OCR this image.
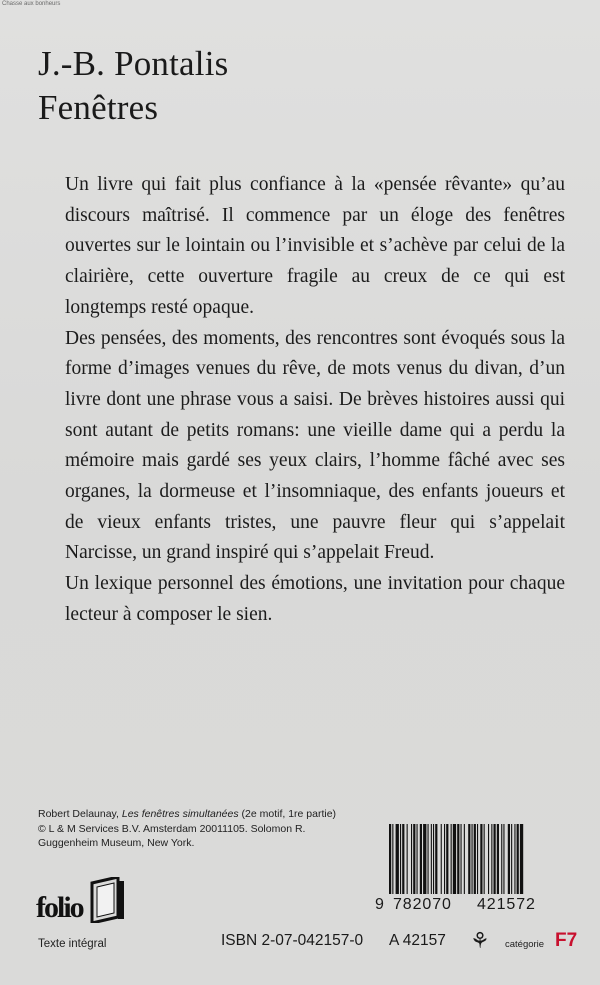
Chasse aux bonheurs
J.-B. Pontalis
Fenêtres

Un livre qui fait plus confiance à la «pensée rêvante» qu’au discours maîtrisé. Il commence par un éloge des fenêtres ouvertes sur le lointain ou l’invisible et s’achève par celui de la clairière, cette ouverture fragile au creux de ce qui est longtemps resté opaque.

Des pensées, des moments, des rencontres sont évoqués sous la forme d’images venues du rêve, de mots venus du divan, d’un livre dont une phrase vous a saisi. De brèves histoires aussi qui sont autant de petits romans: une vieille dame qui a perdu la mémoire mais gardé ses yeux clairs, l’homme fâché avec ses organes, la dormeuse et l’insomniaque, des enfants joueurs et de vieux enfants tristes, une pauvre fleur qui s’appelait Narcisse, un grand inspiré qui s’appelait Freud.

Un lexique personnel des émotions, une invitation pour chaque lecteur à composer le sien.

Robert Delaunay, Les fenêtres simultanées (2e motif, 1re partie)
© L & M Services B.V. Amsterdam 20011105. Solomon R.
Guggenheim Museum, New York.
folio
Texte intégral
9 782070 421572
ISBN 2-07-042157-0 A 42157 ⚘ catégorie F7
